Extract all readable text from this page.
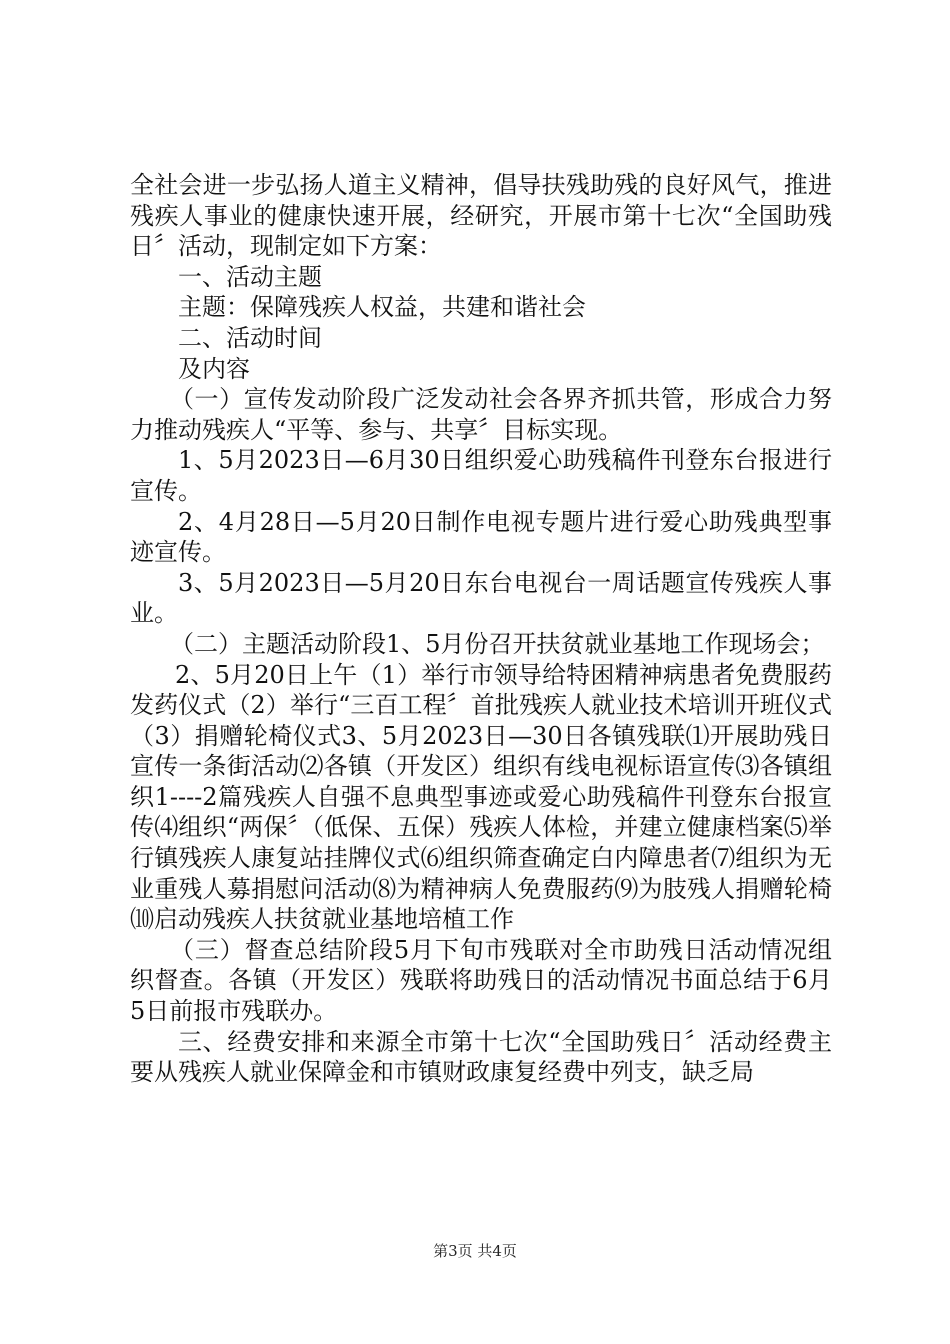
全社会进一步弘扬人道主义精神，倡导扶残助残的良好风气，推进残疾人事业的健康快速开展，经研究，开展市第十七次“全国助残日〞活动，现制定如下方案：

一、活动主题

主题：保障残疾人权益，共建和谐社会

二、活动时间

及内容

（一）宣传发动阶段广泛发动社会各界齐抓共管，形成合力努力推动残疾人“平等、参与、共享〞目标实现。

1、5月2023日—6月30日组织爱心助残稿件刊登东台报进行宣传。

2、4月28日—5月20日制作电视专题片进行爱心助残典型事迹宣传。

3、5月2023日—5月20日东台电视台一周话题宣传残疾人事业。

（二）主题活动阶段1、5月份召开扶贫就业基地工作现场会；

2、5月20日上午（1）举行市领导给特困精神病患者免费服药发药仪式（2）举行“三百工程〞首批残疾人就业技术培训开班仪式（3）捐赠轮椅仪式3、5月2023日—30日各镇残联⑴开展助残日宣传一条街活动⑵各镇（开发区）组织有线电视标语宣传⑶各镇组织1----2篇残疾人自强不息典型事迹或爱心助残稿件刊登东台报宣传⑷组织“两保〞（低保、五保）残疾人体检，并建立健康档案⑸举行镇残疾人康复站挂牌仪式⑹组织筛查确定白内障患者⑺组织为无业重残人募捐慰问活动⑻为精神病人免费服药⑼为肢残人捐赠轮椅⑽启动残疾人扶贫就业基地培植工作

（三）督查总结阶段5月下旬市残联对全市助残日活动情况组织督查。各镇（开发区）残联将助残日的活动情况书面总结于6月5日前报市残联办。

三、经费安排和来源全市第十七次“全国助残日〞活动经费主要从残疾人就业保障金和市镇财政康复经费中列支，缺乏局

第3页 共4页
